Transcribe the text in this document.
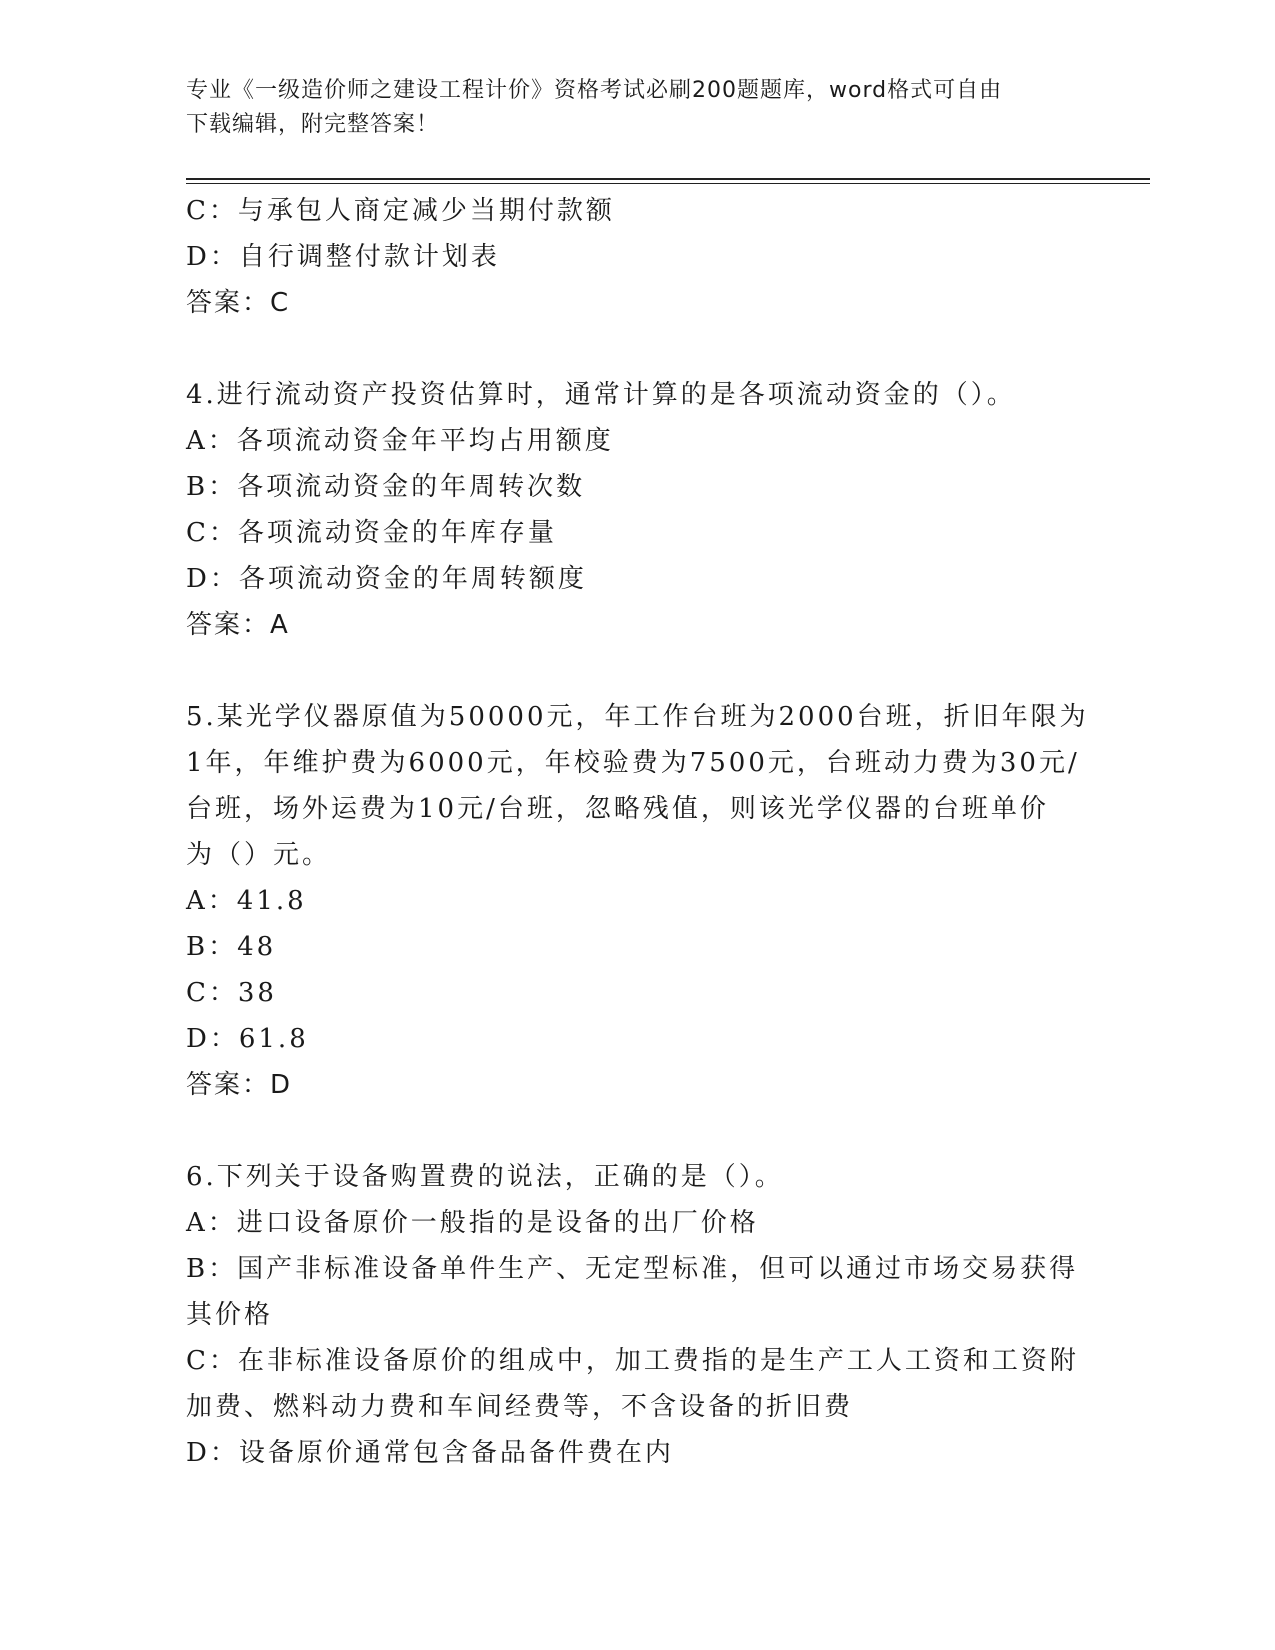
专业《一级造价师之建设工程计价》资格考试必刷200题题库，word格式可自由
下载编辑，附完整答案！
C：与承包人商定减少当期付款额
D：自行调整付款计划表
答案：C
4.进行流动资产投资估算时，通常计算的是各项流动资金的（）。
A：各项流动资金年平均占用额度
B：各项流动资金的年周转次数
C：各项流动资金的年库存量
D：各项流动资金的年周转额度
答案：A
5.某光学仪器原值为50000元，年工作台班为2000台班，折旧年限为
1年，年维护费为6000元，年校验费为7500元，台班动力费为30元/
台班，场外运费为10元/台班，忽略残值，则该光学仪器的台班单价
为（）元。
A：41.8
B：48
C：38
D：61.8
答案：D
6.下列关于设备购置费的说法，正确的是（）。
A：进口设备原价一般指的是设备的出厂价格
B：国产非标准设备单件生产、无定型标准，但可以通过市场交易获得
其价格
C：在非标准设备原价的组成中，加工费指的是生产工人工资和工资附
加费、燃料动力费和车间经费等，不含设备的折旧费
D：设备原价通常包含备品备件费在内
